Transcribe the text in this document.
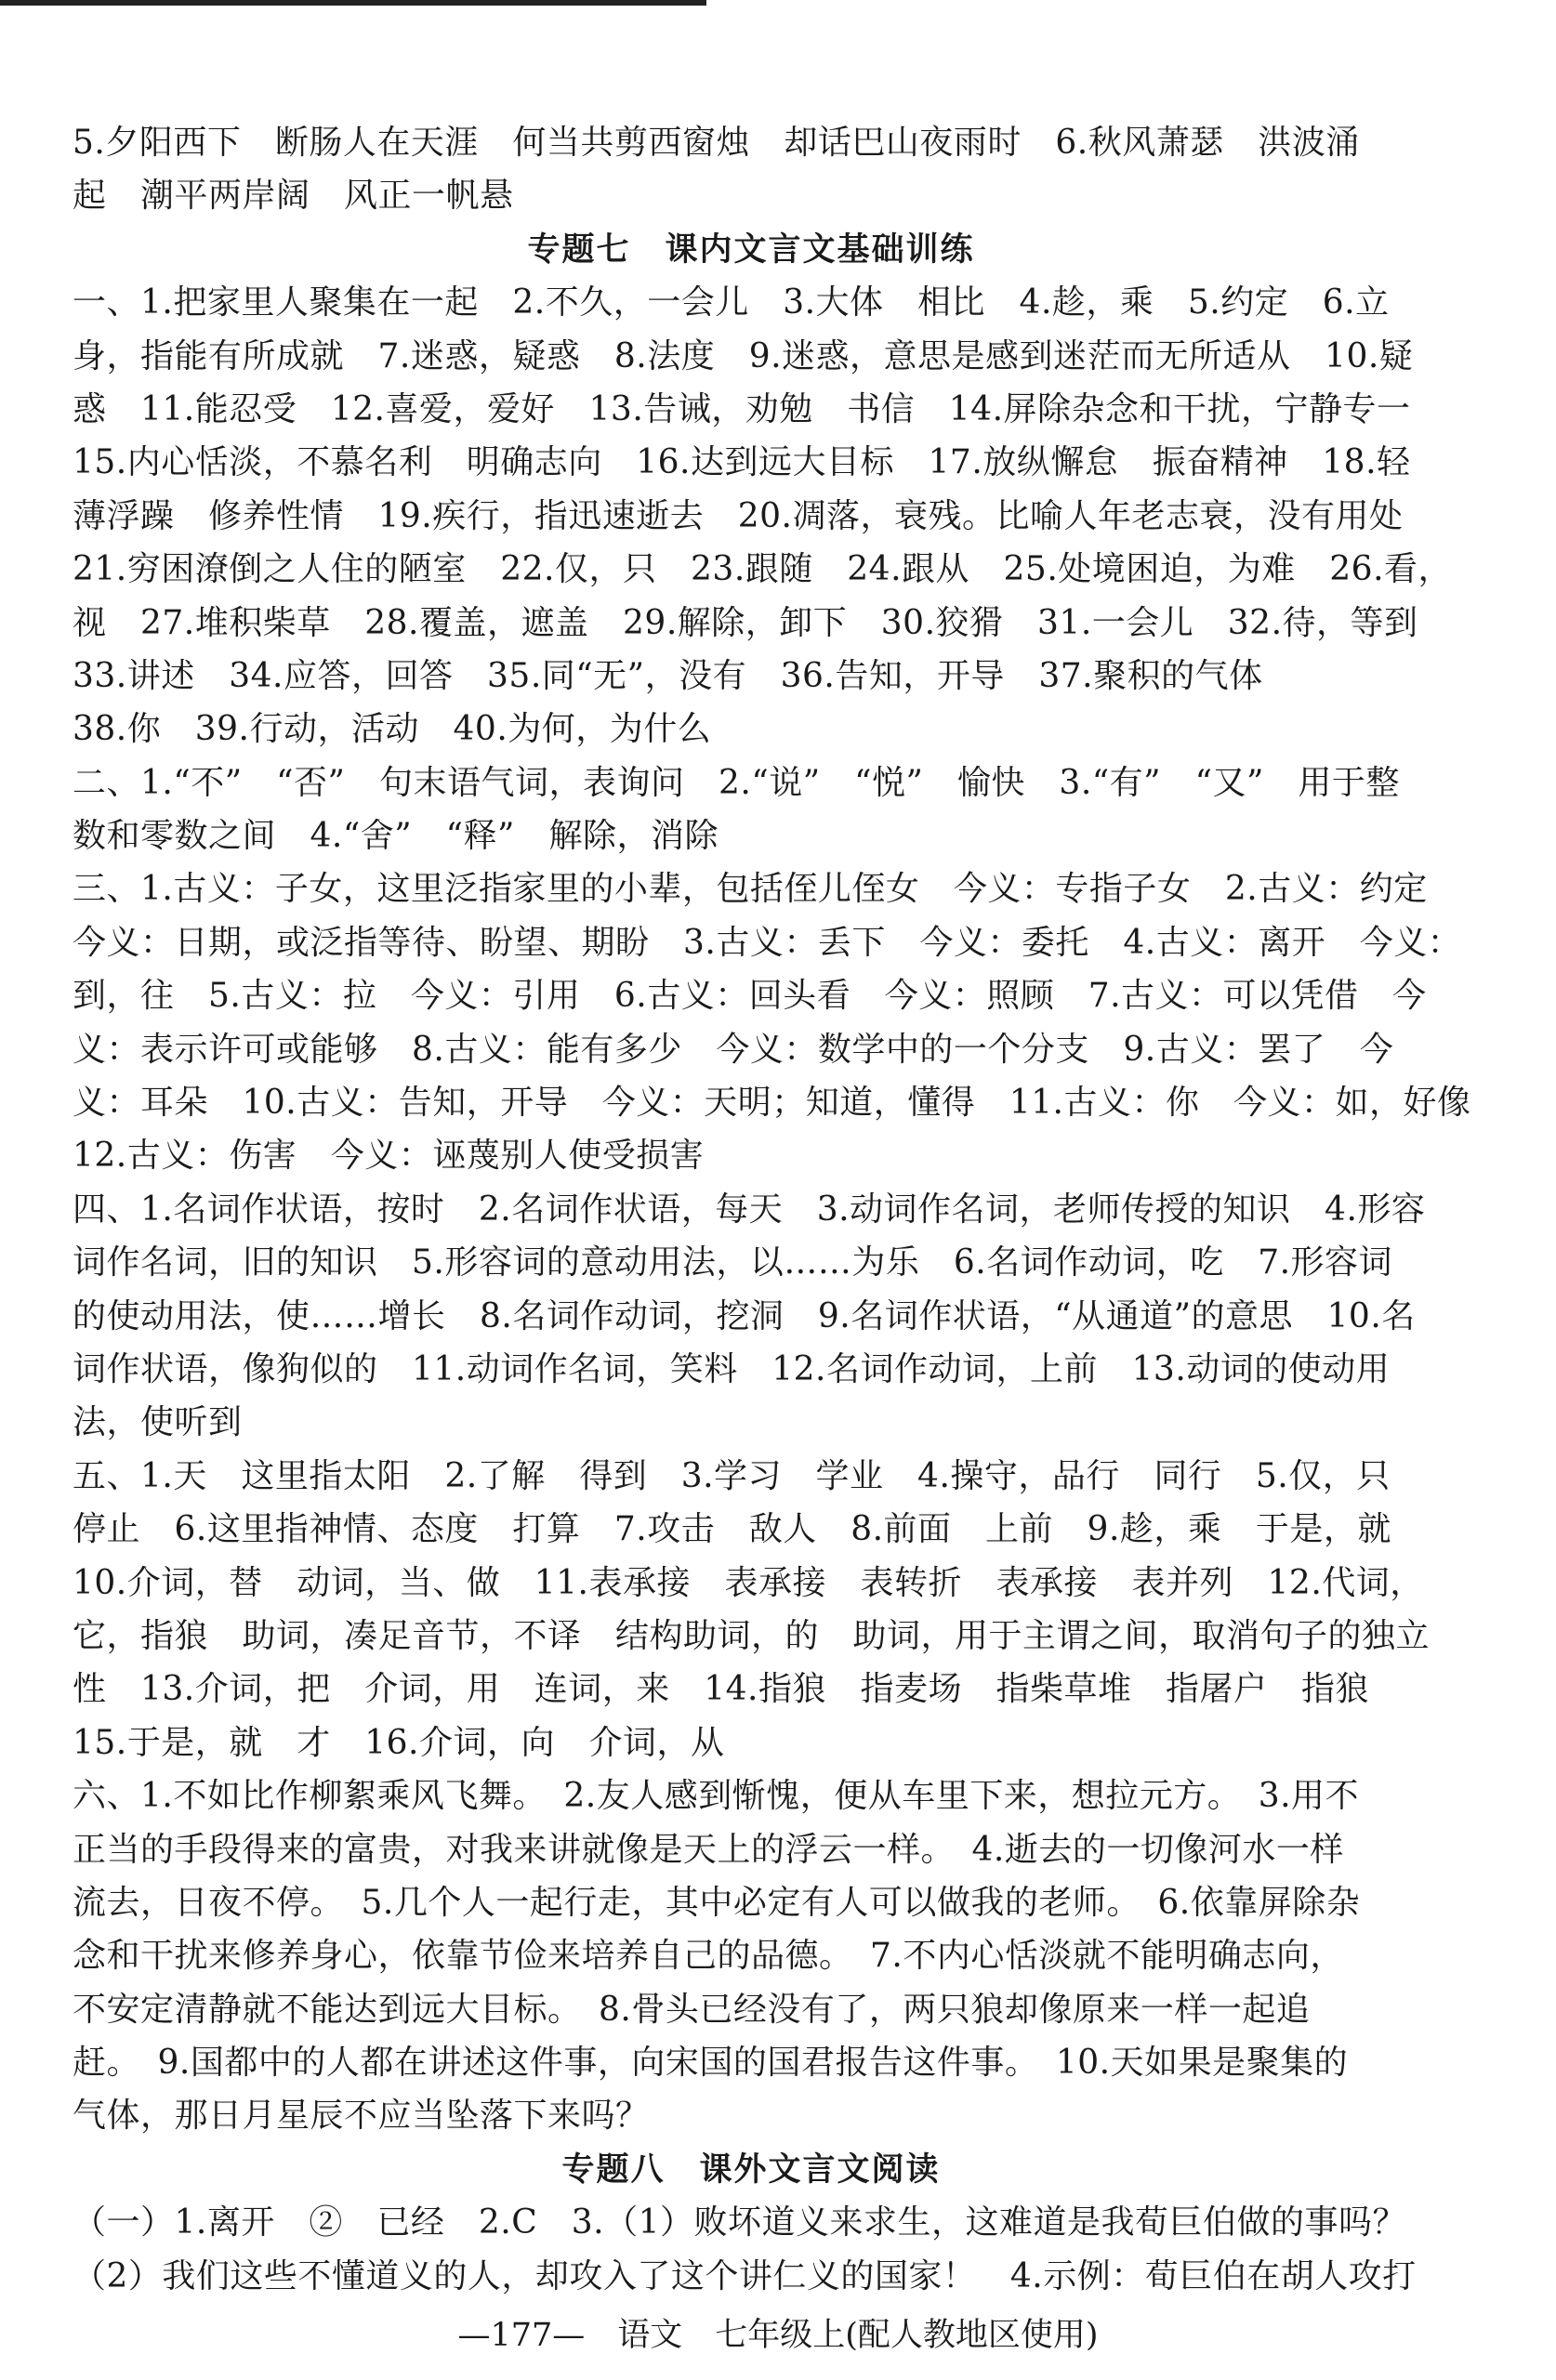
5.夕阳西下　断肠人在天涯　何当共剪西窗烛　却话巴山夜雨时　6.秋风萧瑟　洪波涌
起　潮平两岸阔　风正一帆悬
专题七　课内文言文基础训练
一、1.把家里人聚集在一起　2.不久，一会儿　3.大体　相比　4.趁，乘　5.约定　6.立
身，指能有所成就　7.迷惑，疑惑　8.法度　9.迷惑，意思是感到迷茫而无所适从　10.疑
惑　11.能忍受　12.喜爱，爱好　13.告诫，劝勉　书信　14.屏除杂念和干扰，宁静专一
15.内心恬淡，不慕名利　明确志向　16.达到远大目标　17.放纵懈怠　振奋精神　18.轻
薄浮躁　修养性情　19.疾行，指迅速逝去　20.凋落，衰残。比喻人年老志衰，没有用处
21.穷困潦倒之人住的陋室　22.仅，只　23.跟随　24.跟从　25.处境困迫，为难　26.看，
视　27.堆积柴草　28.覆盖，遮盖　29.解除，卸下　30.狡猾　31.一会儿　32.待，等到
33.讲述　34.应答，回答　35.同“无”，没有　36.告知，开导　37.聚积的气体
38.你　39.行动，活动　40.为何，为什么
二、1.“不”　“否”　句末语气词，表询问　2.“说”　“悦”　愉快　3.“有”　“又”　用于整
数和零数之间　4.“舍”　“释”　解除，消除
三、1.古义：子女，这里泛指家里的小辈，包括侄儿侄女　今义：专指子女　2.古义：约定
今义：日期，或泛指等待、盼望、期盼　3.古义：丢下　今义：委托　4.古义：离开　今义：
到，往　5.古义：拉　今义：引用　6.古义：回头看　今义：照顾　7.古义：可以凭借　今
义：表示许可或能够　8.古义：能有多少　今义：数学中的一个分支　9.古义：罢了　今
义：耳朵　10.古义：告知，开导　今义：天明；知道，懂得　11.古义：你　今义：如，好像
12.古义：伤害　今义：诬蔑别人使受损害
四、1.名词作状语，按时　2.名词作状语，每天　3.动词作名词，老师传授的知识　4.形容
词作名词，旧的知识　5.形容词的意动用法，以……为乐　6.名词作动词，吃　7.形容词
的使动用法，使……增长　8.名词作动词，挖洞　9.名词作状语，“从通道”的意思　10.名
词作状语，像狗似的　11.动词作名词，笑料　12.名词作动词，上前　13.动词的使动用
法，使听到
五、1.天　这里指太阳　2.了解　得到　3.学习　学业　4.操守，品行　同行　5.仅，只
停止　6.这里指神情、态度　打算　7.攻击　敌人　8.前面　上前　9.趁，乘　于是，就
10.介词，替　动词，当、做　11.表承接　表承接　表转折　表承接　表并列　12.代词，
它，指狼　助词，凑足音节，不译　结构助词，的　助词，用于主谓之间，取消句子的独立
性　13.介词，把　介词，用　连词，来　14.指狼　指麦场　指柴草堆　指屠户　指狼
15.于是，就　才　16.介词，向　介词，从
六、1.不如比作柳絮乘风飞舞。　2.友人感到惭愧，便从车里下来，想拉元方。　3.用不
正当的手段得来的富贵，对我来讲就像是天上的浮云一样。　4.逝去的一切像河水一样
流去，日夜不停。　5.几个人一起行走，其中必定有人可以做我的老师。　6.依靠屏除杂
念和干扰来修养身心，依靠节俭来培养自己的品德。　7.不内心恬淡就不能明确志向，
不安定清静就不能达到远大目标。　8.骨头已经没有了，两只狼却像原来一样一起追
赶。　9.国都中的人都在讲述这件事，向宋国的国君报告这件事。　10.天如果是聚集的
气体，那日月星辰不应当坠落下来吗？
专题八　课外文言文阅读
（一）1.离开　②　已经　2.C　3.（1）败坏道义来求生，这难道是我荀巨伯做的事吗？
（2）我们这些不懂道义的人，却攻入了这个讲仁义的国家！　4.示例：荀巨伯在胡人攻打
—177—　语文　七年级上(配人教地区使用)
